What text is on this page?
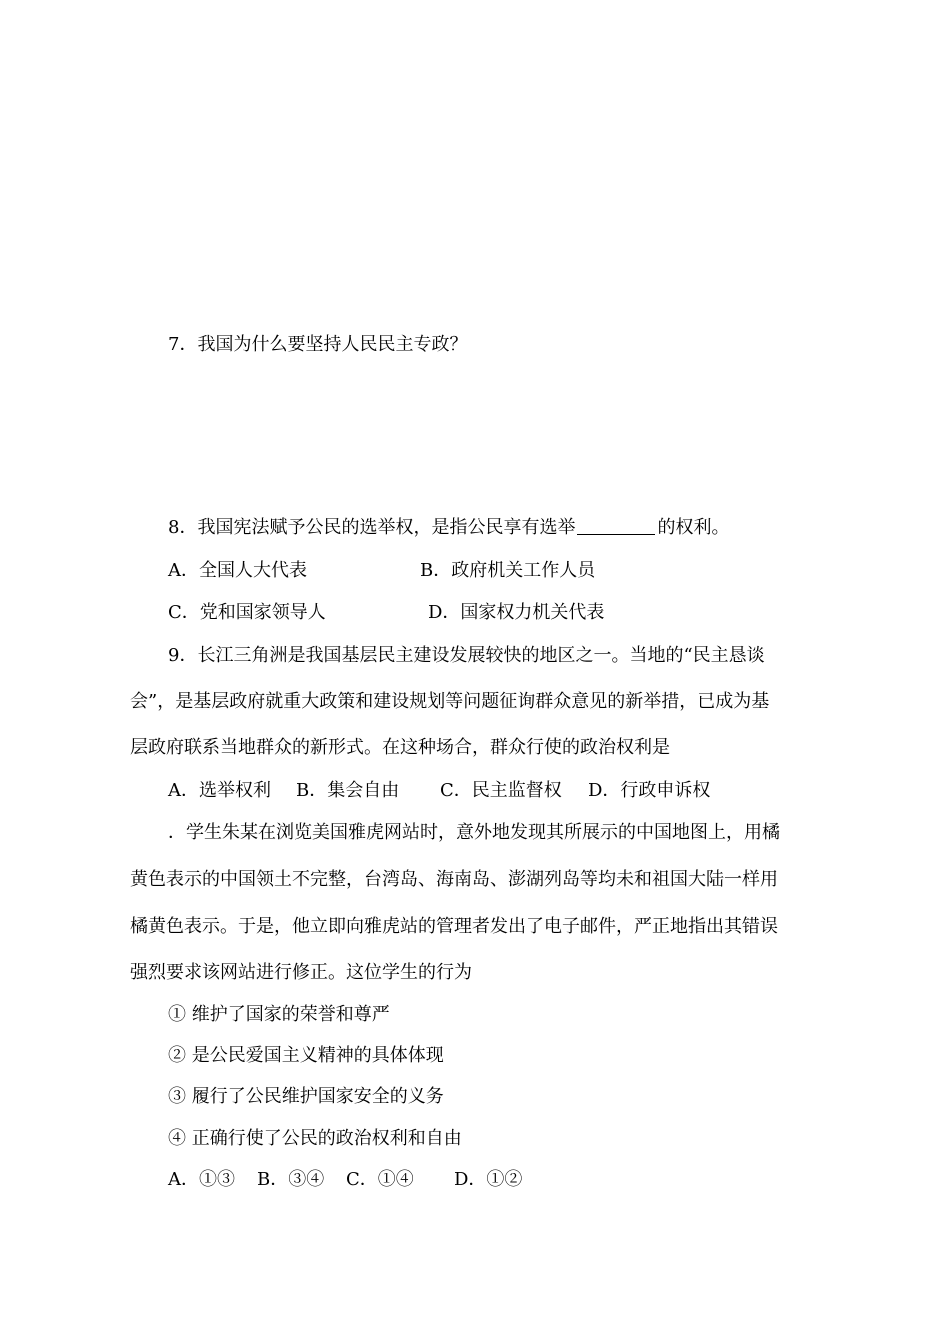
7．我国为什么要坚持人民民主专政？
8．我国宪法赋予公民的选举权，是指公民享有选举	的权利。
A．全国人大代表	B．政府机关工作人员
C．党和国家领导人	D．国家权力机关代表
9．长江三角洲是我国基层民主建设发展较快的地区之一。当地的“民主恳谈
会”，是基层政府就重大政策和建设规划等问题征询群众意见的新举措，已成为基
层政府联系当地群众的新形式。在这种场合，群众行使的政治权利是
A．选举权利 B．集会自由 C．民主监督权 D．行政申诉权
．学生朱某在浏览美国雅虎网站时，意外地发现其所展示的中国地图上，用橘
黄色表示的中国领土不完整，台湾岛、海南岛、澎湖列岛等均未和祖国大陆一样用
橘黄色表示。于是，他立即向雅虎站的管理者发出了电子邮件，严正地指出其错误
强烈要求该网站进行修正。这位学生的行为
① 维护了国家的荣誉和尊严
② 是公民爱国主义精神的具体体现
③ 履行了公民维护国家安全的义务
④ 正确行使了公民的政治权利和自由
A．①③ B．③④ C．①④ D．①②
